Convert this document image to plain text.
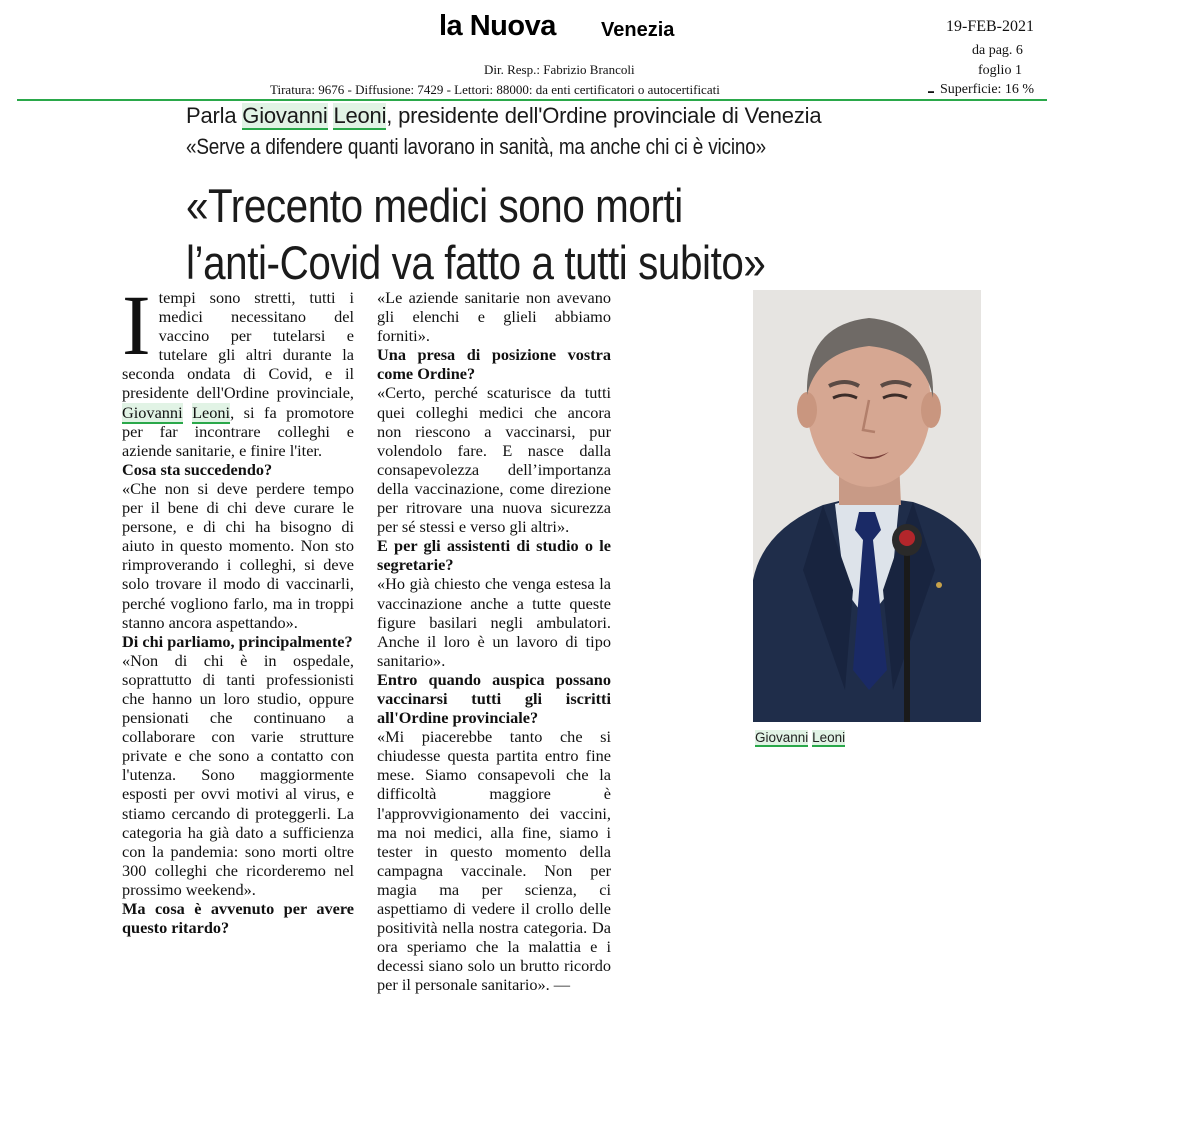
la Nuova Venezia	19-FEB-2021
da pag. 6
foglio 1
▬ Superficie: 16 %
Dir. Resp.: Fabrizio Brancoli
Tiratura: 9676 - Diffusione: 7429 - Lettori: 88000: da enti certificatori o autocertificati
Parla Giovanni Leoni, presidente dell'Ordine provinciale di Venezia
«Serve a difendere quanti lavorano in sanità, ma anche chi ci è vicino»
«Trecento medici sono morti
l’anti-Covid va fatto a tutti subito»

I tempi sono stretti, tutti i medici necessitano del vaccino per tutelarsi e tutelare gli altri durante la seconda ondata di Covid, e il presidente dell'Ordine provinciale, Giovanni Leoni, si fa promotore per far incontrare colleghi e aziende sanitarie, e finire l'iter.

Cosa sta succedendo?

«Che non si deve perdere tempo per il bene di chi deve curare le persone, e di chi ha bisogno di aiuto in questo momento. Non sto rimproverando i colleghi, si deve solo trovare il modo di vaccinarli, perché vogliono farlo, ma in troppi stanno ancora aspettando».

Di chi parliamo, principalmente?

«Non di chi è in ospedale, soprattutto di tanti professionisti che hanno un loro studio, oppure pensionati che continuano a collaborare con varie strutture private e che sono a contatto con l'utenza. Sono maggiormente esposti per ovvi motivi al virus, e stiamo cercando di proteggerli. La categoria ha già dato a sufficienza con la pandemia: sono morti oltre 300 colleghi che ricorderemo nel prossimo weekend».

Ma cosa è avvenuto per avere questo ritardo?

«Le aziende sanitarie non avevano gli elenchi e glieli abbiamo forniti».

Una presa di posizione vostra come Ordine?

«Certo, perché scaturisce da tutti quei colleghi medici che ancora non riescono a vaccinarsi, pur volendolo fare. E nasce dalla consapevolezza dell’importanza della vaccinazione, come direzione per ritrovare una nuova sicurezza per sé stessi e verso gli altri».

E per gli assistenti di studio o le segretarie?

«Ho già chiesto che venga estesa la vaccinazione anche a tutte queste figure basilari negli ambulatori. Anche il loro è un lavoro di tipo sanitario».

Entro quando auspica possano vaccinarsi tutti gli iscritti all'Ordine provinciale?

«Mi piacerebbe tanto che si chiudesse questa partita entro fine mese. Siamo consapevoli che la difficoltà maggiore è l'approvvigionamento dei vaccini, ma noi medici, alla fine, siamo i tester in questo momento della campagna vaccinale. Non per magia ma per scienza, ci aspettiamo di vedere il crollo delle positività nella nostra categoria. Da ora speriamo che la malattia e i decessi siano solo un brutto ricordo per il personale sanitario». —

Giovanni Leoni
